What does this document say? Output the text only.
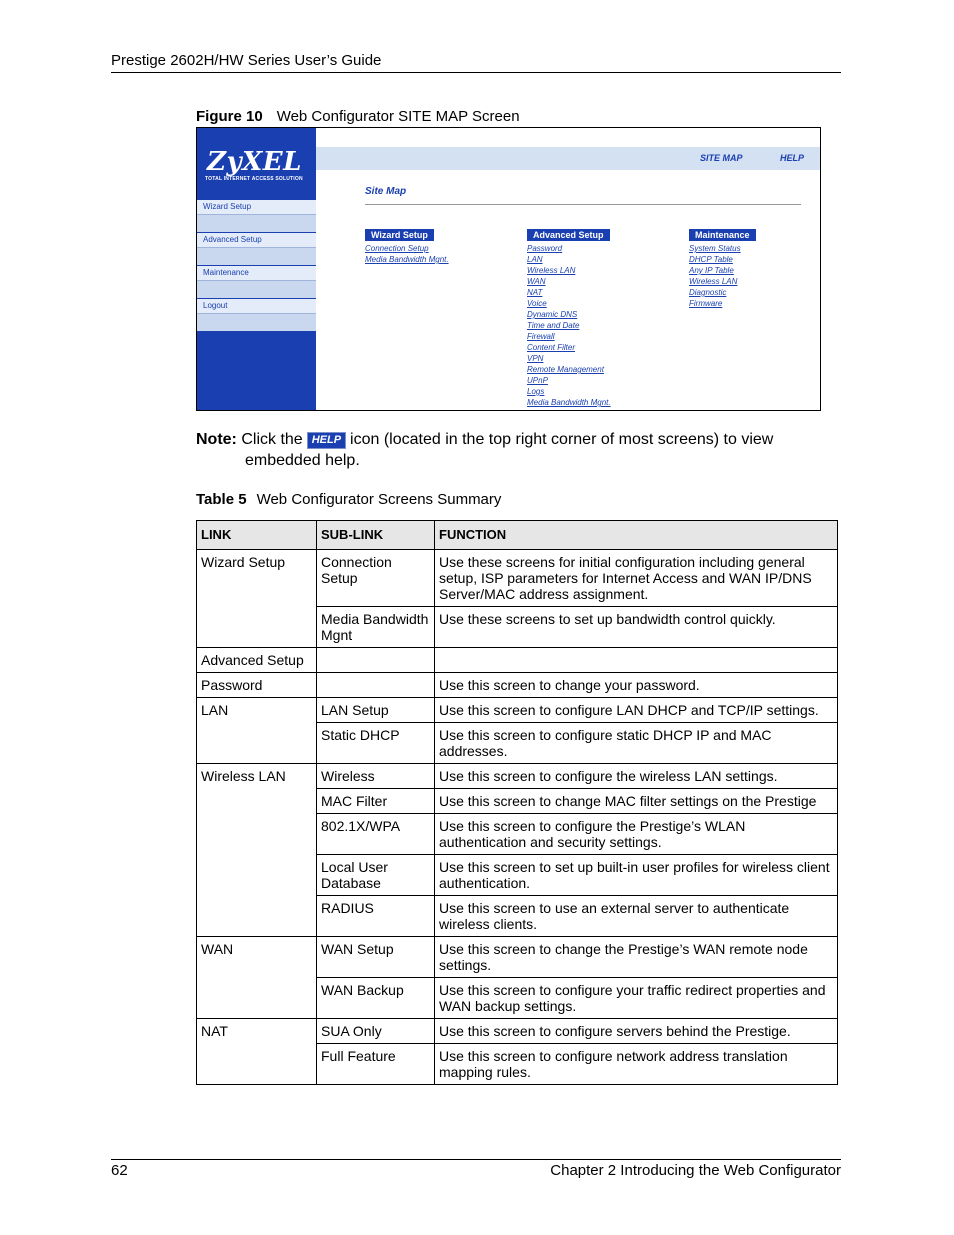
Prestige 2602H/HW Series User’s Guide
Figure 10 Web Configurator SITE MAP Screen
ZyXEL
TOTAL INTERNET ACCESS SOLUTION
Wizard Setup
Advanced Setup
Maintenance
Logout
SITE MAP	HELP
Site Map
Wizard Setup
Connection Setup
Media Bandwidth Mgnt.
Advanced Setup
Password
LAN
Wireless LAN
WAN
NAT
Voice
Dynamic DNS
Time and Date
Firewall
Content Filter
VPN
Remote Management
UPnP
Logs
Media Bandwidth Mgnt.
Maintenance
System Status
DHCP Table
Any IP Table
Wireless LAN
Diagnostic
Firmware
Note: Click the HELP icon (located in the top right corner of most screens) to view
embedded help.
Table 5 Web Configurator Screens Summary
LINK	SUB-LINK	FUNCTION
Wizard Setup	Connection Setup	Use these screens for initial configuration including general setup, ISP parameters for Internet Access and WAN IP/DNS Server/MAC address assignment.
	Media Bandwidth Mgnt	Use these screens to set up bandwidth control quickly.
Advanced Setup		
Password		Use this screen to change your password.
LAN	LAN Setup	Use this screen to configure LAN DHCP and TCP/IP settings.
	Static DHCP	Use this screen to configure static DHCP IP and MAC addresses.
Wireless LAN	Wireless	Use this screen to configure the wireless LAN settings.
	MAC Filter	Use this screen to change MAC filter settings on the Prestige
	802.1X/WPA	Use this screen to configure the Prestige’s WLAN authentication and security settings.
	Local User Database	Use this screen to set up built-in user profiles for wireless client authentication.
	RADIUS	Use this screen to use an external server to authenticate wireless clients.
WAN	WAN Setup	Use this screen to change the Prestige’s WAN remote node settings.
	WAN Backup	Use this screen to configure your traffic redirect properties and WAN backup settings.
NAT	SUA Only	Use this screen to configure servers behind the Prestige.
	Full Feature	Use this screen to configure network address translation mapping rules.
62	Chapter 2 Introducing the Web Configurator
